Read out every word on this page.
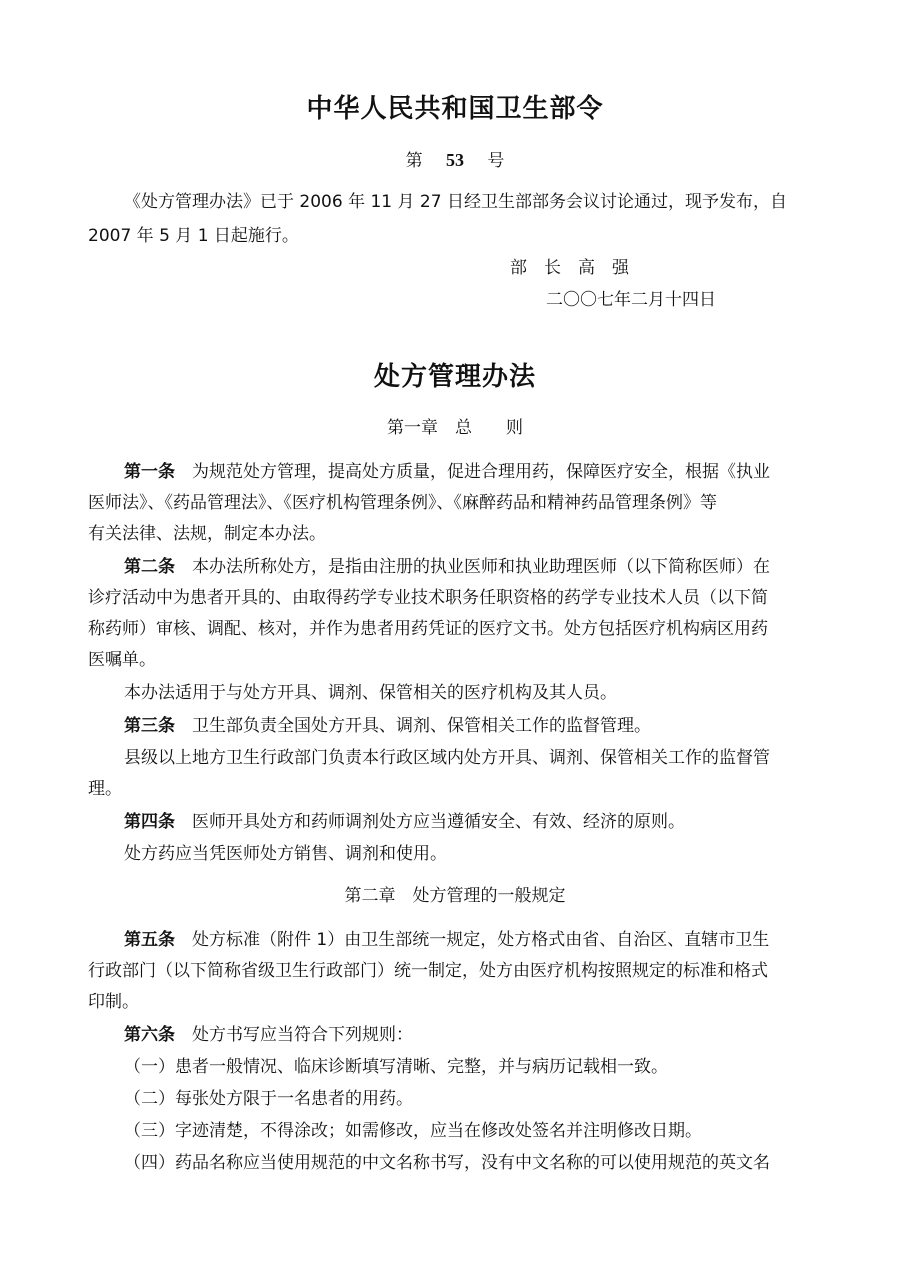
中华人民共和国卫生部令
第 53 号
《处方管理办法》已于 2006 年 11 月 27 日经卫生部部务会议讨论通过，现予发布，自
2007 年 5 月 1 日起施行。
部　长　高　强
二〇〇七年二月十四日
处方管理办法
第一章　总　　则
第一条　 为规范处方管理，提高处方质量，促进合理用药，保障医疗安全，根据《执业
医师法》、《药品管理法》、《医疗机构管理条例》、《麻醉药品和精神药品管理条例》等
有关法律、法规，制定本办法。
第二条　 本办法所称处方，是指由注册的执业医师和执业助理医师（以下简称医师）在
诊疗活动中为患者开具的、由取得药学专业技术职务任职资格的药学专业技术人员（以下简
称药师）审核、调配、核对，并作为患者用药凭证的医疗文书。处方包括医疗机构病区用药
医嘱单。
本办法适用于与处方开具、调剂、保管相关的医疗机构及其人员。
第三条　 卫生部负责全国处方开具、调剂、保管相关工作的监督管理。
县级以上地方卫生行政部门负责本行政区域内处方开具、调剂、保管相关工作的监督管
理。
第四条　 医师开具处方和药师调剂处方应当遵循安全、有效、经济的原则。
处方药应当凭医师处方销售、调剂和使用。
第二章　处方管理的一般规定
第五条　 处方标准（附件 1）由卫生部统一规定，处方格式由省、自治区、直辖市卫生
行政部门（以下简称省级卫生行政部门）统一制定，处方由医疗机构按照规定的标准和格式
印制。
第六条　 处方书写应当符合下列规则：
（一）患者一般情况、临床诊断填写清晰、完整，并与病历记载相一致。
（二）每张处方限于一名患者的用药。
（三）字迹清楚，不得涂改；如需修改，应当在修改处签名并注明修改日期。
（四）药品名称应当使用规范的中文名称书写，没有中文名称的可以使用规范的英文名
